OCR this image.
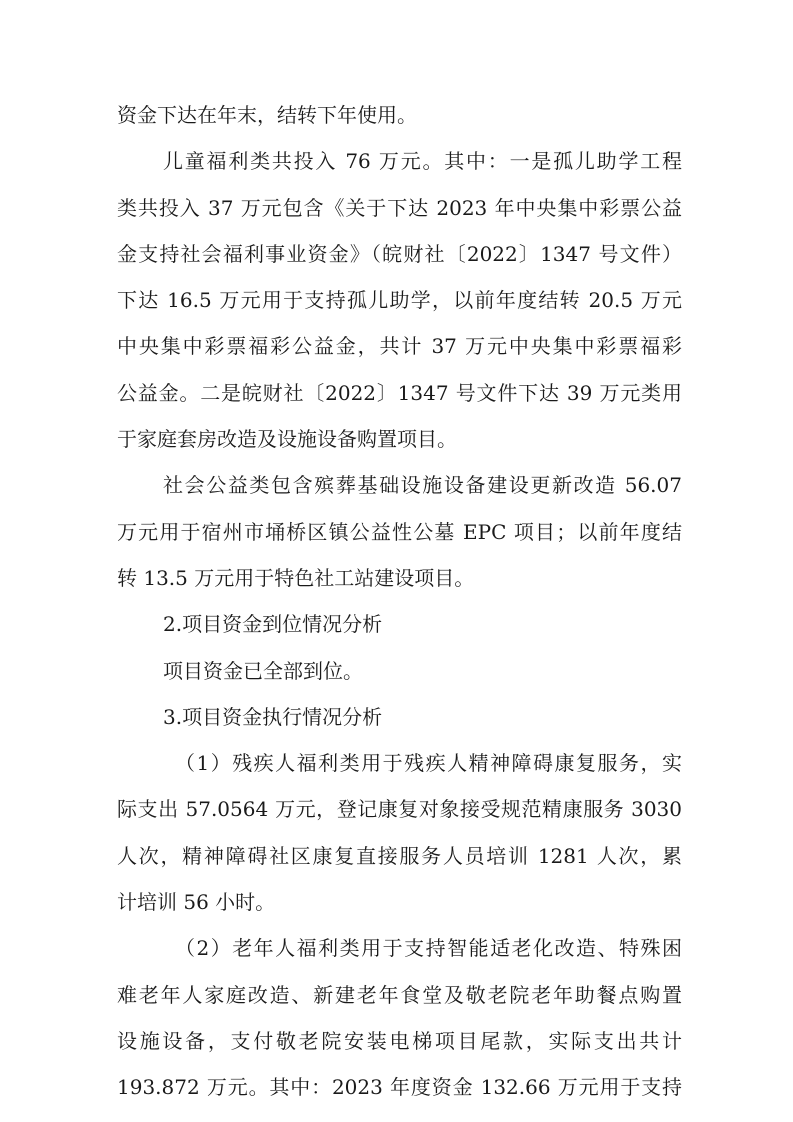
资金下达在年末，结转下年使用。
儿童福利类共投入 76 万元。其中：一是孤儿助学工程
类共投入 37 万元包含《关于下达 2023 年中央集中彩票公益
金支持社会福利事业资金》（皖财社〔2022〕1347 号文件）
下达 16.5 万元用于支持孤儿助学，以前年度结转 20.5 万元
中央集中彩票福彩公益金，共计 37 万元中央集中彩票福彩
公益金。二是皖财社〔2022〕1347 号文件下达 39 万元类用
于家庭套房改造及设施设备购置项目。
社会公益类包含殡葬基础设施设备建设更新改造 56.07
万元用于宿州市埇桥区镇公益性公墓 EPC 项目；以前年度结
转 13.5 万元用于特色社工站建设项目。
2.项目资金到位情况分析
项目资金已全部到位。
3.项目资金执行情况分析
（1）残疾人福利类用于残疾人精神障碍康复服务，实
际支出 57.0564 万元，登记康复对象接受规范精康服务 3030
人次，精神障碍社区康复直接服务人员培训 1281 人次，累
计培训 56 小时。
（2）老年人福利类用于支持智能适老化改造、特殊困
难老年人家庭改造、新建老年食堂及敬老院老年助餐点购置
设施设备，支付敬老院安装电梯项目尾款，实际支出共计
193.872 万元。其中：2023 年度资金 132.66 万元用于支持
